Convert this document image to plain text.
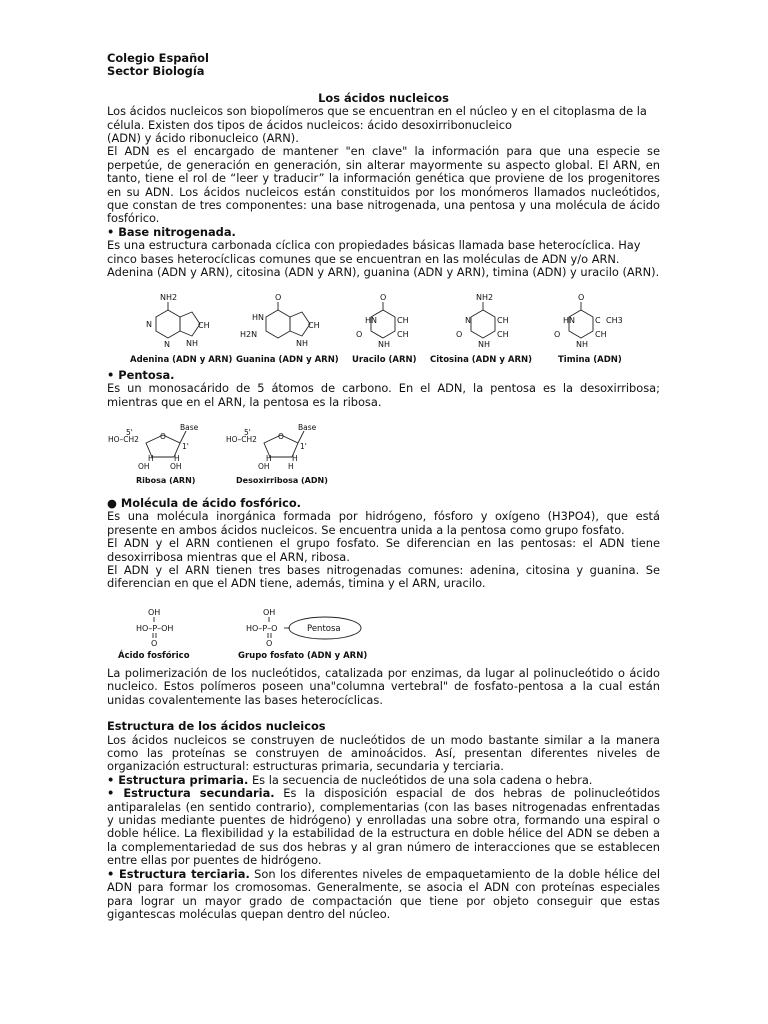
Colegio Español

Sector Biología

Los ácidos nucleicos

Los ácidos nucleicos son biopolímeros que se encuentran en el núcleo y en el citoplasma de la

célula. Existen dos tipos de ácidos nucleicos: ácido desoxirribonucleico

(ADN) y ácido ribonucleico (ARN).

El ADN es el encargado de mantener "en clave" la información para que una especie se perpetúe, de generación en generación, sin alterar mayormente su aspecto global. El ARN, en tanto, tiene el rol de “leer y traducir” la información genética que proviene de los progenitores en su ADN. Los ácidos nucleicos están constituidos por los monómeros llamados nucleótidos, que constan de tres componentes: una base nitrogenada, una pentosa y una molécula de ácido fosfórico.

• Base nitrogenada.

Es una estructura carbonada cíclica con propiedades básicas llamada base heterocíclica. Hay cinco bases heterocíclicas comunes que se encuentran en las moléculas de ADN y/o ARN.

Adenina (ADN y ARN), citosina (ADN y ARN), guanina (ADN y ARN), timina (ADN) y uracilo (ARN).

NH2
N	CH
N NH
O
HN
H2N
CH
NH
O
HN	CH
CH
O
NH
NH2
N	CH
CH
O
NH
O
HN	C CH3
CH
O
NH
Adenina (ADN y ARN) Guanina (ADN y ARN) Uracilo (ARN) Citosina (ADN y ARN)	Timina (ADN)

• Pentosa.

Es un monosacárido de 5 átomos de carbono. En el ADN, la pentosa es la desoxirribosa; mientras que en el ARN, la pentosa es la ribosa.

Base
5'
HO–CH2	O
1'
H	H
OH	OH
Ribosa (ARN)
Base
5'
HO–CH2	O
1'
H	H
OH H
Desoxirribosa (ADN)

● Molécula de ácido fosfórico.

Es una molécula inorgánica formada por hidrógeno, fósforo y oxígeno (H3PO4), que está presente en ambos ácidos nucleicos. Se encuentra unida a la pentosa como grupo fosfato.

El ADN y el ARN contienen el grupo fosfato. Se diferencian en las pentosas: el ADN tiene desoxirribosa mientras que el ARN, ribosa.

El ADN y el ARN tienen tres bases nitrogenadas comunes: adenina, citosina y guanina. Se diferencian en que el ADN tiene, además, timina y el ARN, uracilo.

OH
HO–P–OH
O
Ácido fosfórico
OH
HO–P–O
O
Pentosa
Grupo fosfato (ADN y ARN)

La polimerización de los nucleótidos, catalizada por enzimas, da lugar al polinucleótido o ácido nucleico. Estos polímeros poseen una"columna vertebral" de fosfato-pentosa a la cual están unidas covalentemente las bases heterocíclicas.

Estructura de los ácidos nucleicos

Los ácidos nucleicos se construyen de nucleótidos de un modo bastante similar a la manera como las proteínas se construyen de aminoácidos. Así, presentan diferentes niveles de organización estructural: estructuras primaria, secundaria y terciaria.

• Estructura primaria. Es la secuencia de nucleótidos de una sola cadena o hebra.

• Estructura secundaria. Es la disposición espacial de dos hebras de polinucleótidos antiparalelas (en sentido contrario), complementarias (con las bases nitrogenadas enfrentadas y unidas mediante puentes de hidrógeno) y enrolladas una sobre otra, formando una espiral o doble hélice. La flexibilidad y la estabilidad de la estructura en doble hélice del ADN se deben a la complementariedad de sus dos hebras y al gran número de interacciones que se establecen entre ellas por puentes de hidrógeno.

• Estructura terciaria. Son los diferentes niveles de empaquetamiento de la doble hélice del ADN para formar los cromosomas. Generalmente, se asocia el ADN con proteínas especiales para lograr un mayor grado de compactación que tiene por objeto conseguir que estas gigantescas moléculas quepan dentro del núcleo.
